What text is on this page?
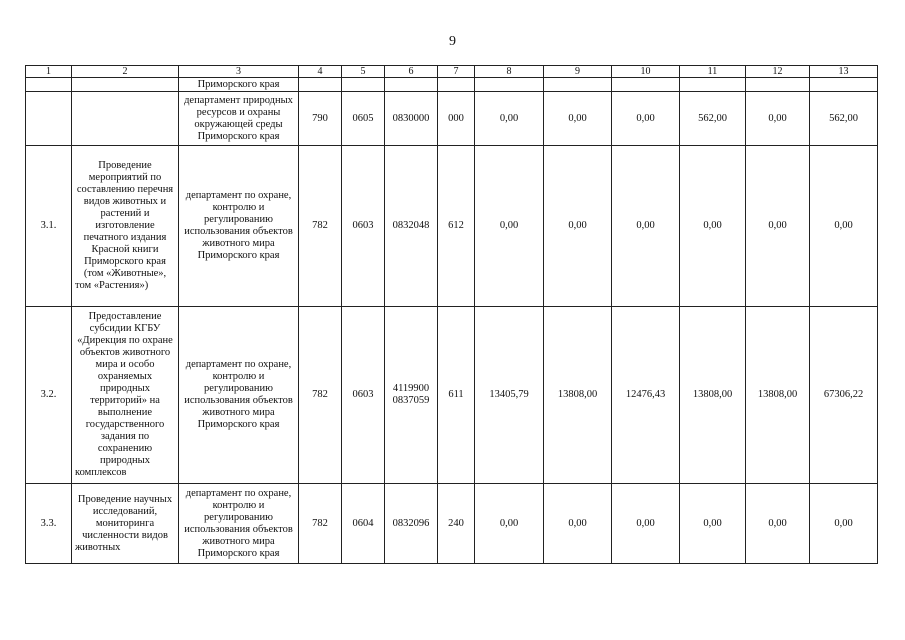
9
1	2	3	4	5	6	7	8	9	10	11	12	13
		Приморского края										
		департамент природных ресурсов и охраны окружающей среды Приморского края	790	0605	0830000	000	0,00	0,00	0,00	562,00	0,00	562,00
3.1.	Проведение мероприятий по составлению перечня видов животных и растений и изготовление печатного издания Красной книги Приморского края (том «Животные», том «Растения»)	департамент по охране, контролю и регулированию использования объектов животного мира Приморского края	782	0603	0832048	612	0,00	0,00	0,00	0,00	0,00	0,00
3.2.	Предоставление субсидии КГБУ «Дирекция по охране объектов животного мира и особо охраняемых природных территорий» на выполнение государственного задания по сохранению природных комплексов	департамент по охране, контролю и регулированию использования объектов животного мира Приморского края	782	0603	4119900 0837059	611	13405,79	13808,00	12476,43	13808,00	13808,00	67306,22
3.3.	Проведение научных исследований, мониторинга численности видов животных	департамент по охране, контролю и регулированию использования объектов животного мира Приморского края	782	0604	0832096	240	0,00	0,00	0,00	0,00	0,00	0,00
